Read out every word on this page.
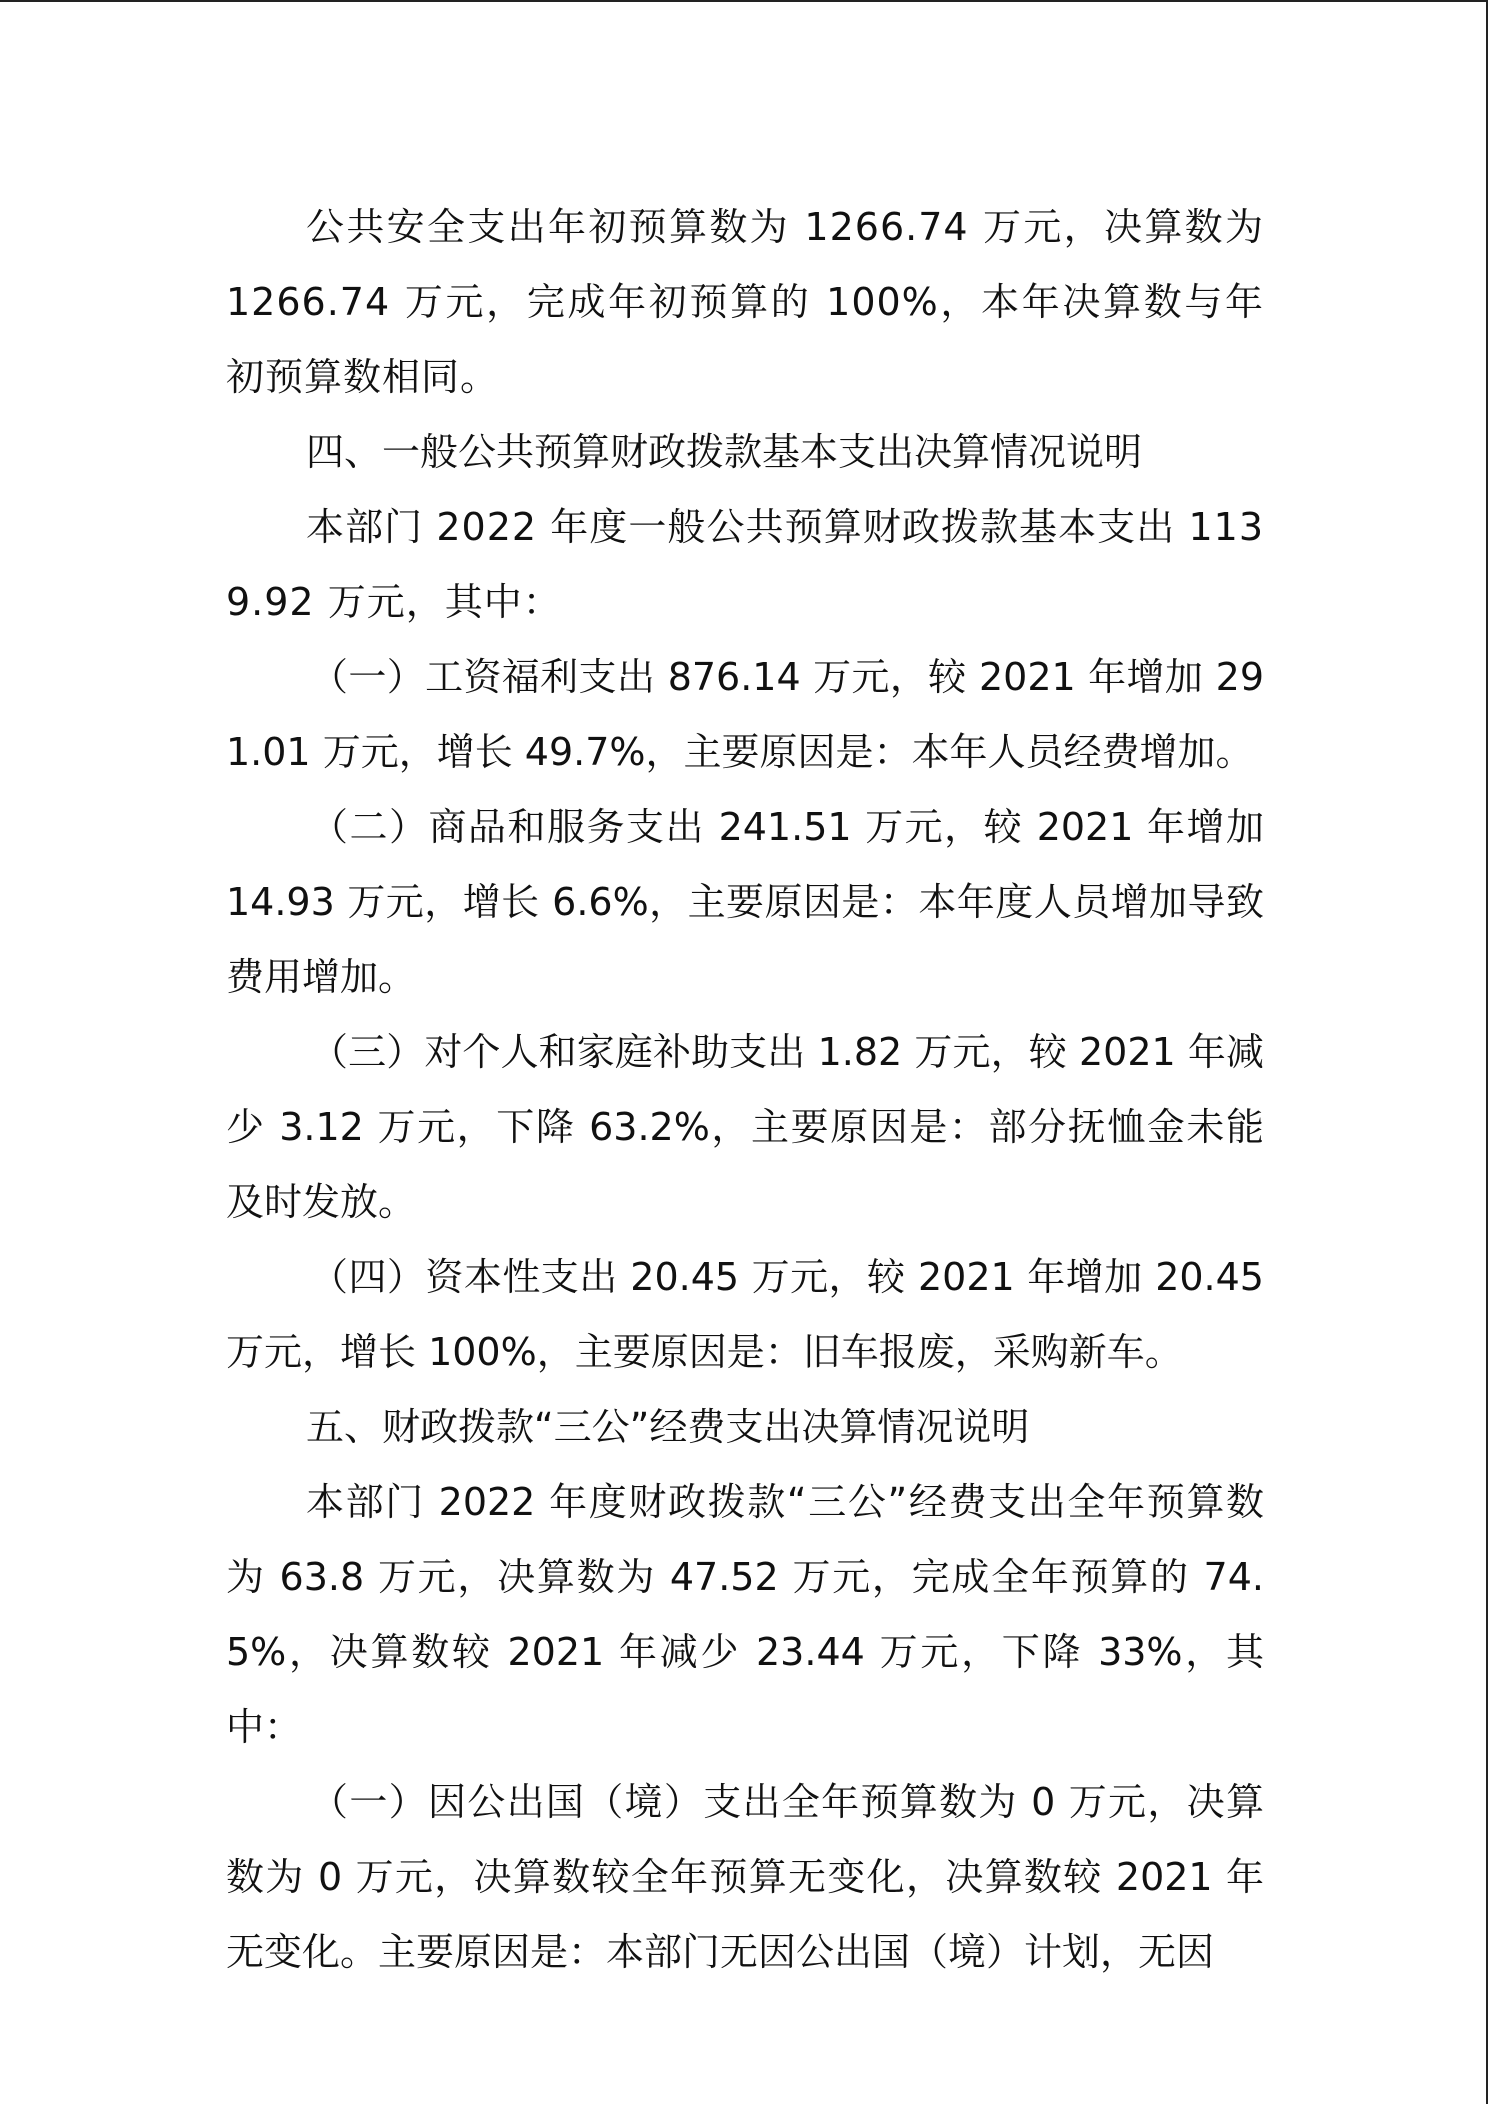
公共安全支出年初预算数为 1266.74 万元，决算数为 1266.74 万元，完成年初预算的 100%，本年决算数与年初预算数相同。

四、一般公共预算财政拨款基本支出决算情况说明

本部门 2022 年度一般公共预算财政拨款基本支出 1139.92 万元，其中：

（一）工资福利支出 876.14 万元，较 2021 年增加 291.01 万元，增长 49.7%，主要原因是：本年人员经费增加。

（二）商品和服务支出 241.51 万元，较 2021 年增加 14.93 万元，增长 6.6%，主要原因是：本年度人员增加导致费用增加。

（三）对个人和家庭补助支出 1.82 万元，较 2021 年减少 3.12 万元，下降 63.2%，主要原因是：部分抚恤金未能及时发放。

（四）资本性支出 20.45 万元，较 2021 年增加 20.45 万元，增长 100%，主要原因是：旧车报废，采购新车。

五、财政拨款“三公”经费支出决算情况说明

本部门 2022 年度财政拨款“三公”经费支出全年预算数为 63.8 万元，决算数为 47.52 万元，完成全年预算的 74.5%，决算数较 2021 年减少 23.44 万元，下降 33%，其中：

（一）因公出国（境）支出全年预算数为 0 万元，决算数为 0 万元，决算数较全年预算无变化，决算数较 2021 年无变化。主要原因是：本部门无因公出国（境）计划，无因
